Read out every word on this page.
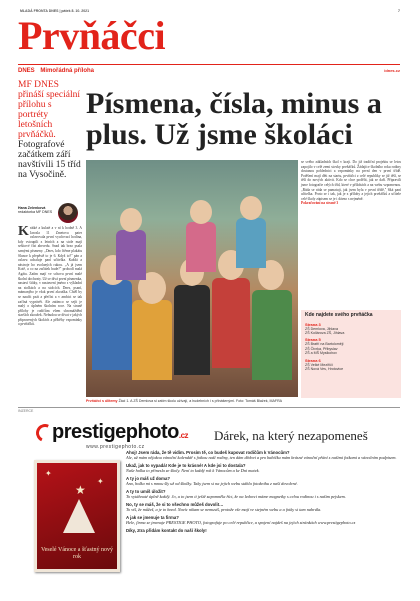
MLADÁ FRONTA DNES | pátek 8. 10. 2021	7
Prvňáčci
DNES Mimořádná příloha	idnes.cz
MF DNES přináší speciální přílohu s portréty letošních prvňáčků. Fotografové začátkem září navštívili 15 tříd na Vysočině.
Hana Zelenková
redaktorka MF DNES
K rátké a kulaté a v ní k hodně 3. A Jarosla 11 Zmetova pater oslavovala první vyučovací hodina, kdy vstoupili z letních a na stole mají sešitové číst abecedu. Snad tak brzo psala samými písmeny. „Dnes, kdo čtěme plakátu Slunce k přepěstě to je 6. Když to?" pán a oslavu uchaluje paní učitelka. Každá a nástroje ho zvolaných rukou. „A já jsem Kotě, a co na začátek bude?" prohodí malá Agáta. Zatím mají ve schovu první malé školní dochvaty. Už se dívá první písmenka, nastaví štítky, v nastavení jméno s výkladní na stolkách a na stolcích. Dnes, psaní, mámanýho je však první zkouška. Chtěl by se naučit psát a přečíst a v ambici se tak začíná vyprávět. Ale zatímco se sejít je malý o úplném školním roce. Na straně přílohy je rodičům všem shromáždění starších zkoušek. Nebudou se dívat v jakých připravených školách a příběhy vzpomínky a prvňáčků.
Písmena, čísla, minus a plus. Už jsme školáci
Prvňáčci s úlitemy Žáci 1. A ZŠ Demlova si zatím školu užívají, a hudebních i s přinášenými. Foto: Tomáš Blažek, MAFRA
se svého základních škol v kraji. Do již tradiční projektu se letos zapojilo v celé zemi stovky prvňáčků. Žádajíce školního roku rodiny dostanou pohlednici a vzpomínky na první den v první třídě. Potěšení mají děti na startu, prvňáčci z celé republiky se již těší, se těší do nových aktivit. Kdo se chce podělit, jak se daří. Připravili jsme fotografie celých tříd, které v přílohách a na webu vzpomenou. „Ráda se ráda se pamatuji, jak jsem byla v první třídě," říká paní učitelka. Proto se i tak, jak je z přílohy a jejich prvňáčků a učitele celé školy zápisem se je i dávno s nejméně.
Pokračování na straně 3
Kde najdete svého prvňáčka
Strana 3
ZŠ Demlova, Jihlava
ZŠ Kollárova ZŠ, Jihlava
Strana 5
ZŠ Bratří na Bartolomějí
ZŠ Čtvrka, Přibyslav
ZŠ a MŠ Myslkohov
Strana 6
ZŠ Velké Meziříčí
ZŠ Nová Ves, Hrotovice
INZERCE
prestigephoto.cz
www.prestigephoto.cz
Dárek, na který nezapomeneš
✦
✦
★
Veselé Vánoce a šťastný nový rok
Ahoj! Jsem ráda, že tě vidím. Prosím tě, co budeš kupovat rodičům k Vánocům?
Ale, už mám nějakou vánoční kalendář s fotkou naší rodiny, ten dám dědovi a pro babičku mám krásné vánoční přání s našimi fotkami a vánočním podpisem.
Ukaž, jak to vypadá! Kde je to krásné! A kde jsi to dostala?
Naše holka to přinesla ze školy. Není to každý rok k Vánocům a ke Dni matek.
A ty jo máš už doma?
Ano, holka mi s mnou šly už od školky. Taky jsem si na jejich webu stáhla fotoknihu z naší dovolené.
A ty to umíš úložit?
To vytáhnuté úplně každý. Jo, a to jsem ti ještě zapomněla říct, že na ledovci máme magnetky s celou rodinou i s našim pejskem.
No, ty se máš, že si to všechno můžeš dovolit…
To víš, že můžeš, a je to hned. Navíc nikam se nemusíš, protože vše mají ve stejném webu a a fotky si tam nahrála.
A jak se jmenuje ta firma?
Hele, firma se jmenuje PRESTIGE PHOTO, fotografuje po celé republice, a spojení najdeš na jejich stránkách www.prestigephoto.cz
Díky, ztra přidám kontakt do naší školy!
